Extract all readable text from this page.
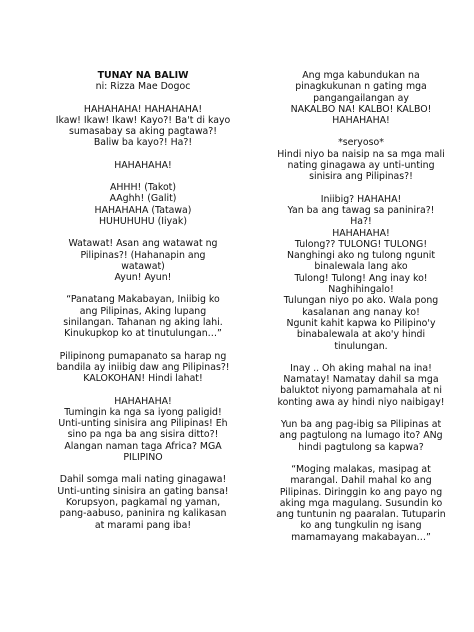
TUNAY NA BALIW

ni: Rizza Mae Dogoc

HAHAHAHA! HAHAHAHA!

Ikaw! Ikaw! Ikaw! Kayo?! Ba't di kayo

sumasabay sa aking pagtawa?!

Baliw ba kayo?! Ha?!

HAHAHAHA!

AHHH! (Takot)

AAghh! (Galit)

HAHAHAHA (Tatawa)

HUHUHUHU (Iiyak)

Watawat! Asan ang watawat ng

Pilipinas?! (Hahanapin ang

watawat)

Ayun! Ayun!

“Panatang Makabayan, Iniibig ko

ang Pilipinas, Aking lupang

sinilangan. Tahanan ng aking lahi.

Kinukupkop ko at tinutulungan…”

Pilipinong pumapanato sa harap ng

bandila ay iniibig daw ang Pilipinas?!

KALOKOHAN! Hindi lahat!

HAHAHAHA!

Tumingin ka nga sa iyong paligid!

Unti-unting sinisira ang Pilipinas! Eh

sino pa nga ba ang sisira ditto?!

Alangan naman taga Africa? MGA

PILIPINO

Dahil somga mali nating ginagawa!

Unti-unting sinisira an gating bansa!

Korupsyon, pagkamal ng yaman,

pang-aabuso, paninira ng kalikasan

at marami pang iba!

Ang mga kabundukan na

pinagkukunan n gating mga

pangangailangan ay

NAKALBO NA! KALBO! KALBO!

HAHAHAHA!

*seryoso*

Hindi niyo ba naisip na sa mga mali

nating ginagawa ay unti-unting

sinisira ang Pilipinas?!

Iniibig? HAHAHA!

Yan ba ang tawag sa paninira?!

Ha?!

HAHAHAHA!

Tulong?? TULONG! TULONG!

Nanghingi ako ng tulong ngunit

binalewala lang ako

Tulong! Tulong! Ang inay ko!

Naghihingalo!

Tulungan niyo po ako. Wala pong

kasalanan ang nanay ko!

Ngunit kahit kapwa ko Pilipino'y

binabalewala at ako'y hindi

tinulungan.

Inay .. Oh aking mahal na ina!

Namatay! Namatay dahil sa mga

baluktot niyong pamamahala at ni

konting awa ay hindi niyo naibigay!

Yun ba ang pag-ibig sa Pilipinas at

ang pagtulong na lumago ito? ANg

hindi pagtulong sa kapwa?

“Moging malakas, masipag at

marangal. Dahil mahal ko ang

Pilipinas. Diringgin ko ang payo ng

aking mga magulang. Susundin ko

ang tuntunin ng paaralan. Tutuparin

ko ang tungkulin ng isang

mamamayang makabayan…”
